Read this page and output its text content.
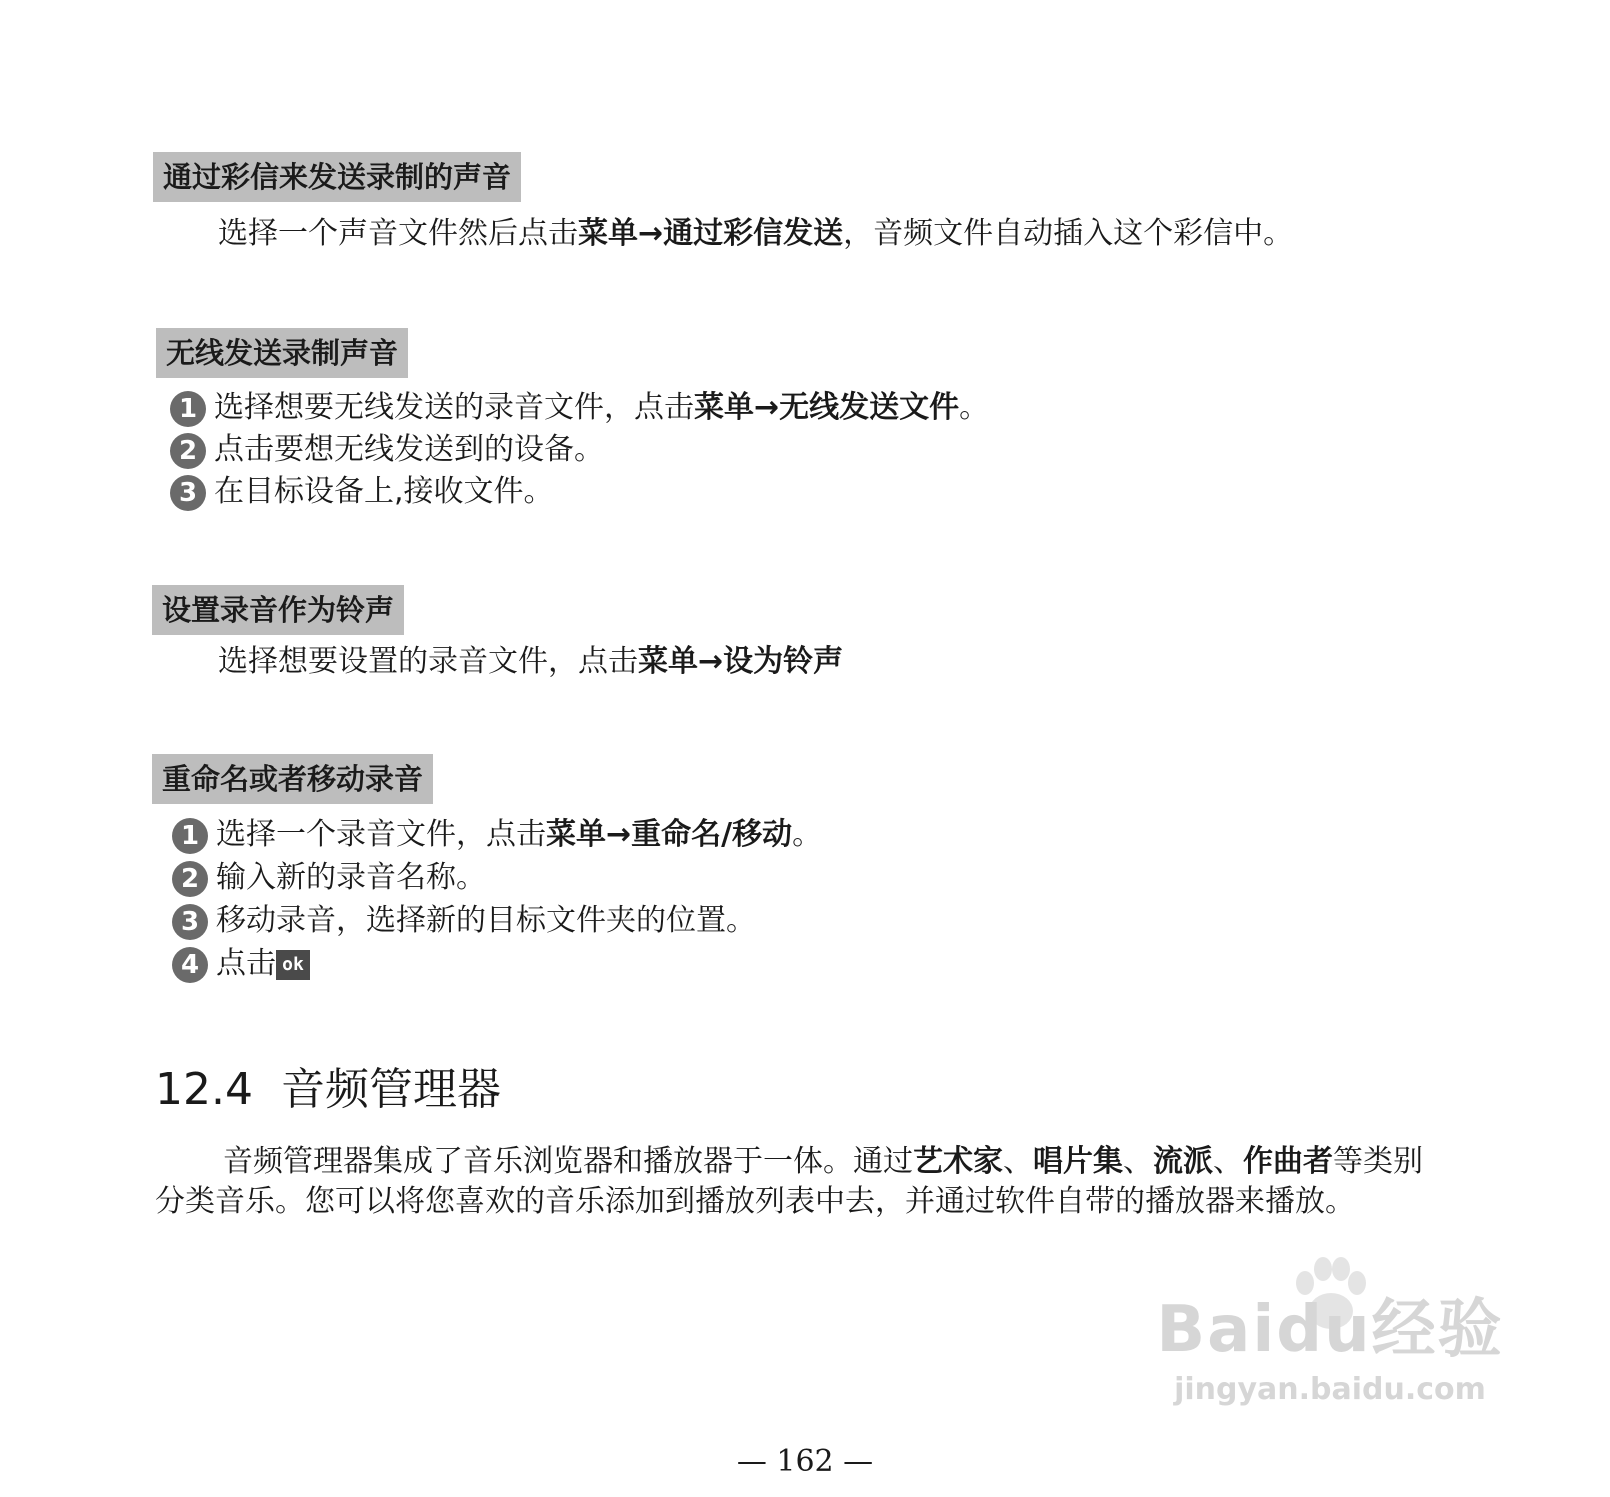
通过彩信来发送录制的声音
选择一个声音文件然后点击菜单→通过彩信发送，音频文件自动插入这个彩信中。
无线发送录制声音
1 选择想要无线发送的录音文件，点击菜单→无线发送文件。
2 点击要想无线发送到的设备。
3 在目标设备上,接收文件。
设置录音作为铃声
选择想要设置的录音文件，点击菜单→设为铃声
重命名或者移动录音
1 选择一个录音文件，点击菜单→重命名/移动。
2 输入新的录音名称。
3 移动录音，选择新的目标文件夹的位置。
4 点击 ok
12.4 音频管理器
音频管理器集成了音乐浏览器和播放器于一体。通过艺术家、唱片集、流派、作曲者等类别分类音乐。您可以将您喜欢的音乐添加到播放列表中去，并通过软件自带的播放器来播放。
Baidu经验
jingyan.baidu.com
— 162 —
